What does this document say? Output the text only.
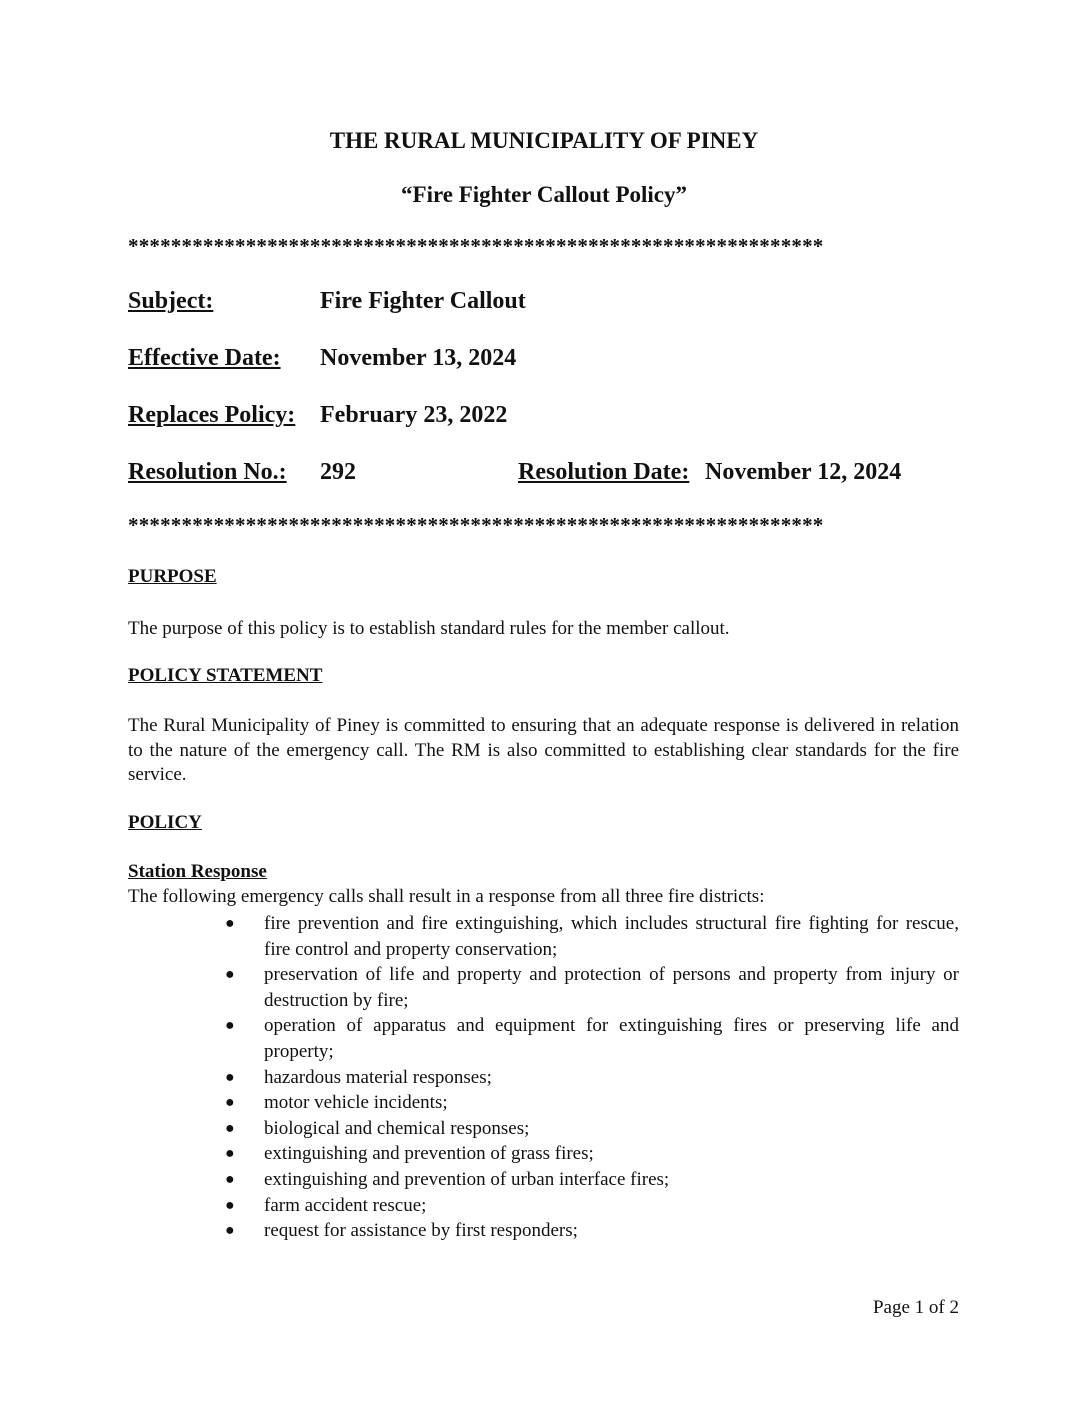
THE RURAL MUNICIPALITY OF PINEY
“Fire Fighter Callout Policy”
*****************************************************************
Subject:	Fire Fighter Callout
Effective Date: November 13, 2024
Replaces Policy: February 23, 2022
Resolution No.: 292	Resolution Date: November 12, 2024
*****************************************************************
PURPOSE
The purpose of this policy is to establish standard rules for the member callout.
POLICY STATEMENT
The Rural Municipality of Piney is committed to ensuring that an adequate response is delivered in relation to the nature of the emergency call. The RM is also committed to establishing clear standards for the fire service.
POLICY
Station Response
The following emergency calls shall result in a response from all three fire districts:
● fire prevention and fire extinguishing, which includes structural fire fighting for rescue, fire control and property conservation;
● preservation of life and property and protection of persons and property from injury or destruction by fire;
● operation of apparatus and equipment for extinguishing fires or preserving life and property;
● hazardous material responses;
● motor vehicle incidents;
● biological and chemical responses;
● extinguishing and prevention of grass fires;
● extinguishing and prevention of urban interface fires;
● farm accident rescue;
● request for assistance by first responders;
Page 1 of 2
